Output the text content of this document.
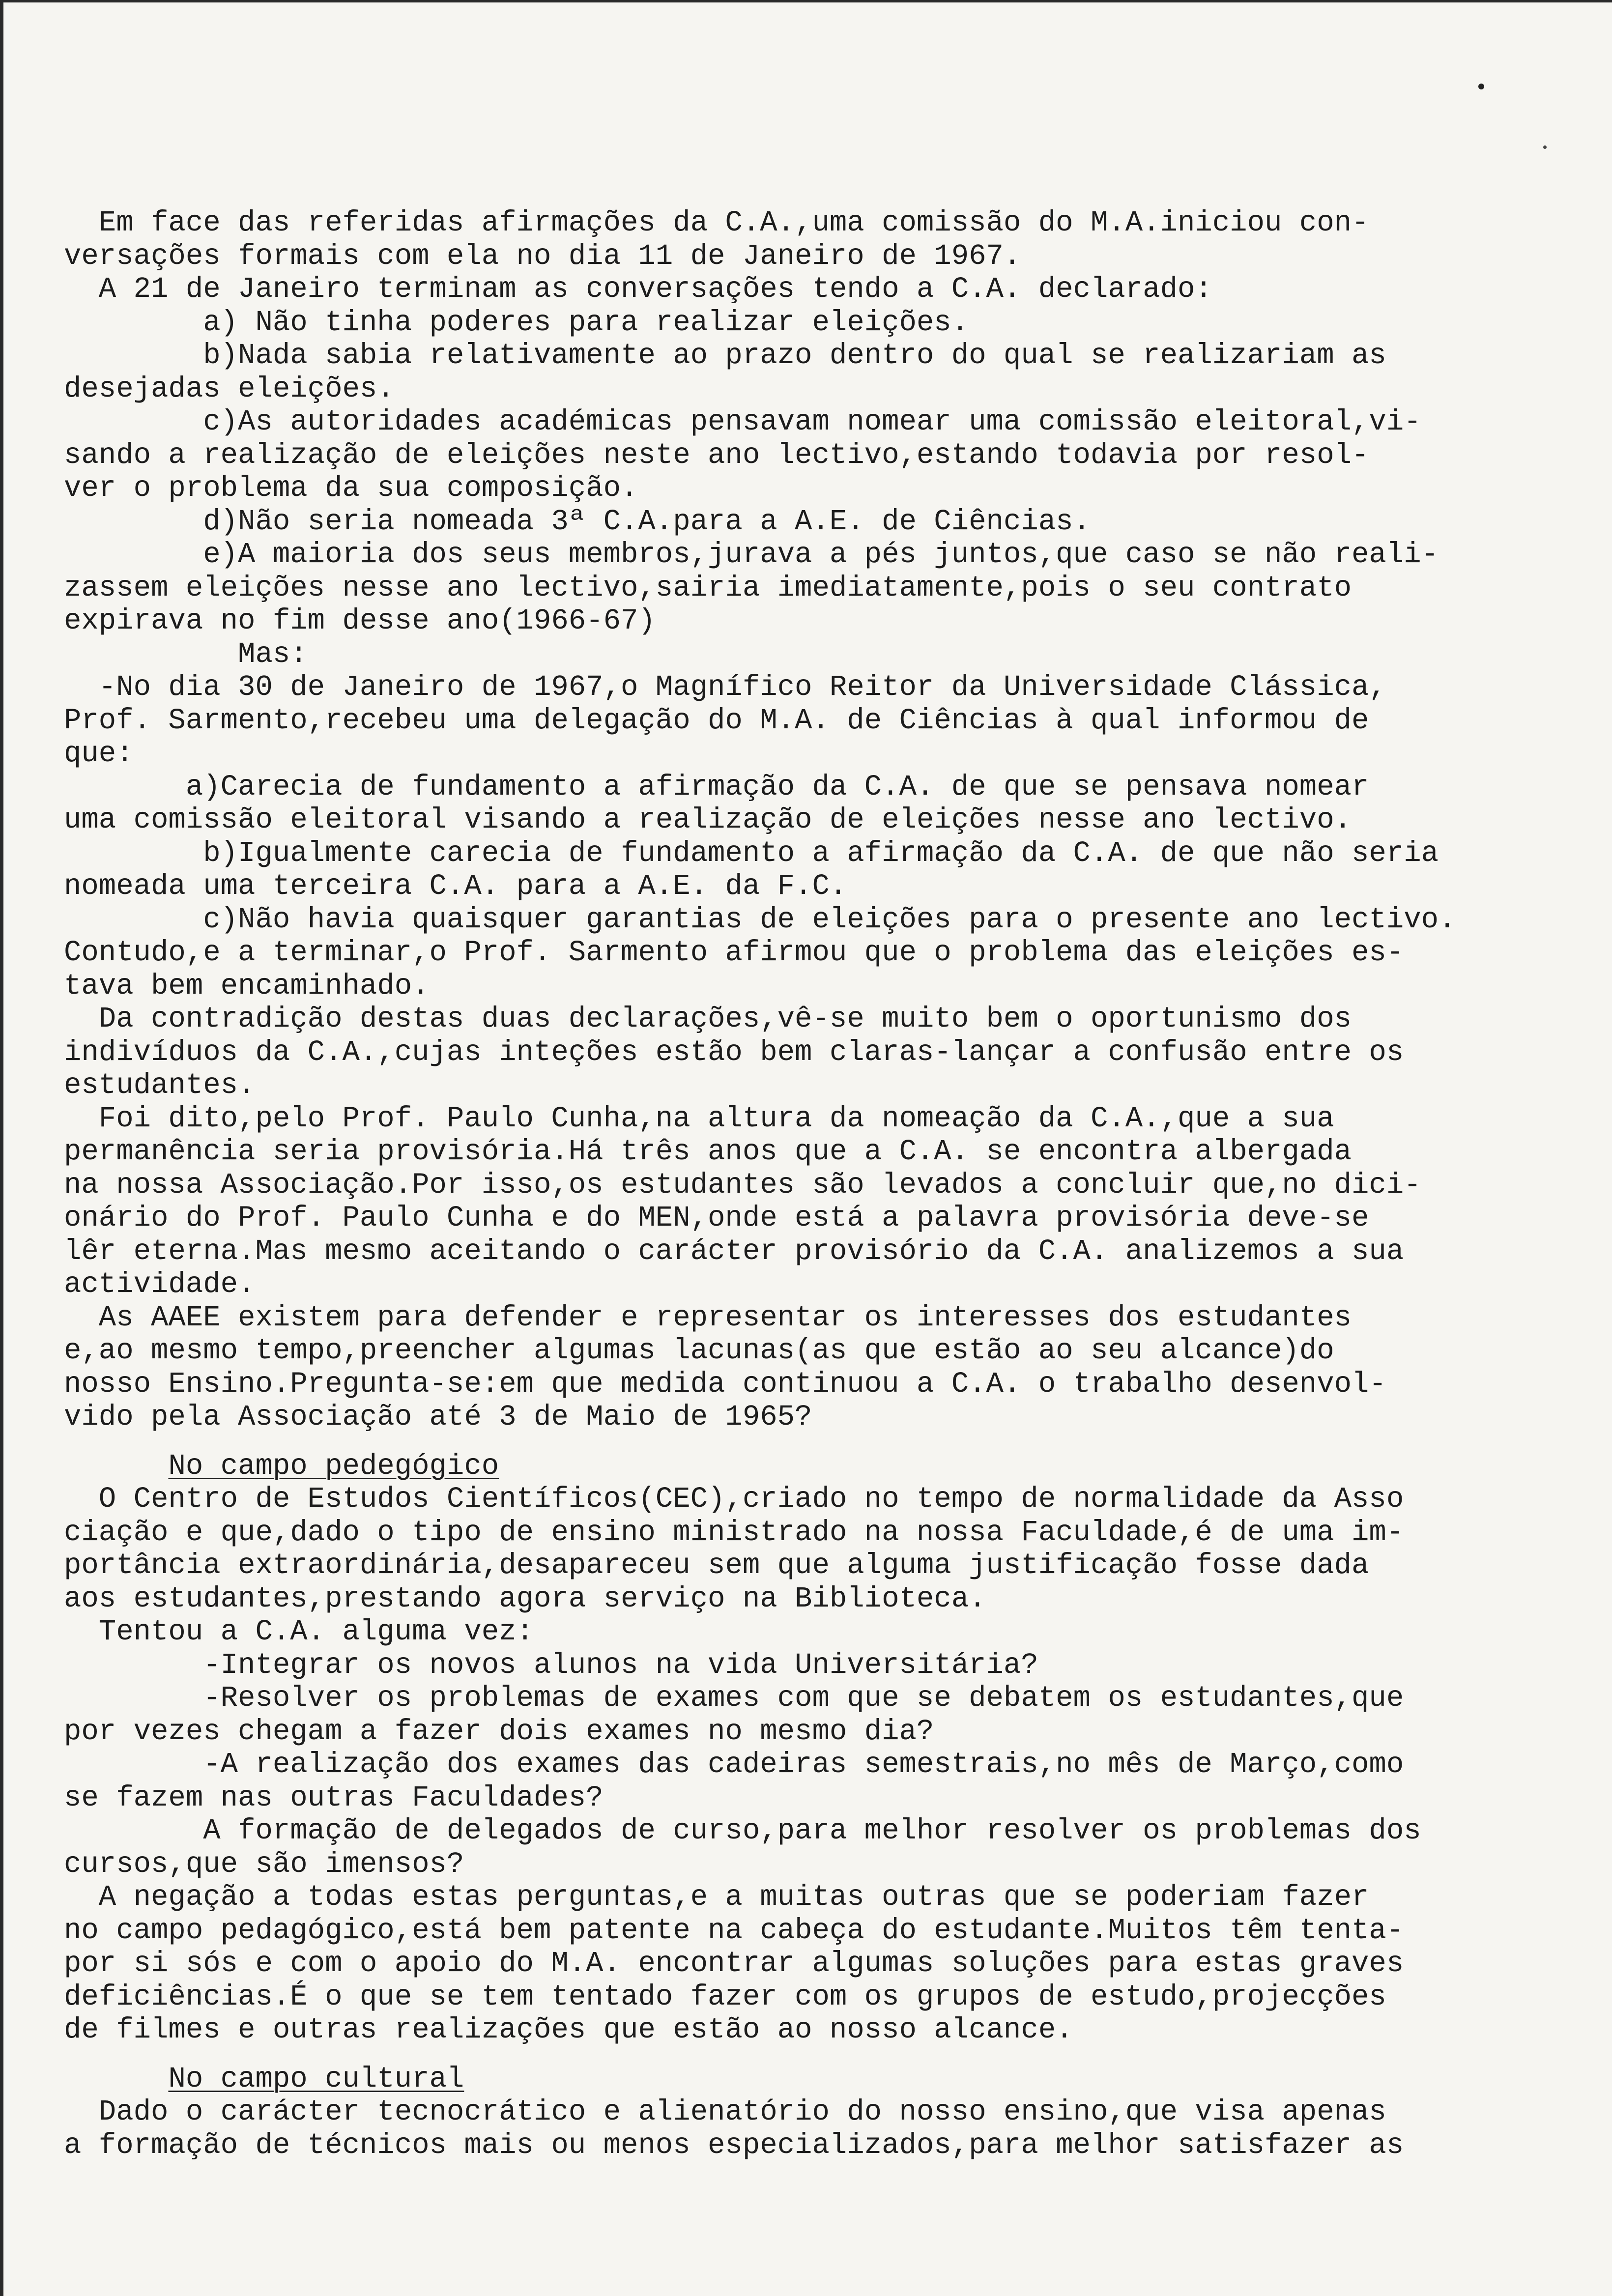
Em face das referidas afirmações da C.A.,uma comissão do M.A.iniciou con-
versações formais com ela no dia 11 de Janeiro de 1967.
A 21 de Janeiro terminam as conversações tendo a C.A. declarado:
a) Não tinha poderes para realizar eleições.
b)Nada sabia relativamente ao prazo dentro do qual se realizariam as
desejadas eleições.
c)As autoridades académicas pensavam nomear uma comissão eleitoral,vi-
sando a realização de eleições neste ano lectivo,estando todavia por resol-
ver o problema da sua composição.
d)Não seria nomeada 3ª C.A.para a A.E. de Ciências.
e)A maioria dos seus membros,jurava a pés juntos,que caso se não reali-
zassem eleições nesse ano lectivo,sairia imediatamente,pois o seu contrato
expirava no fim desse ano(1966-67)
Mas:
-No dia 30 de Janeiro de 1967,o Magnífico Reitor da Universidade Clássica,
Prof. Sarmento,recebeu uma delegação do M.A. de Ciências à qual informou de
que:
a)Carecia de fundamento a afirmação da C.A. de que se pensava nomear
uma comissão eleitoral visando a realização de eleições nesse ano lectivo.
b)Igualmente carecia de fundamento a afirmação da C.A. de que não seria
nomeada uma terceira C.A. para a A.E. da F.C.
c)Não havia quaisquer garantias de eleições para o presente ano lectivo.
Contudo,e a terminar,o Prof. Sarmento afirmou que o problema das eleições es-
tava bem encaminhado.
Da contradição destas duas declarações,vê-se muito bem o oportunismo dos
indivíduos da C.A.,cujas inteções estão bem claras-lançar a confusão entre os
estudantes.
Foi dito,pelo Prof. Paulo Cunha,na altura da nomeação da C.A.,que a sua
permanência seria provisória.Há três anos que a C.A. se encontra albergada
na nossa Associação.Por isso,os estudantes são levados a concluir que,no dici-
onário do Prof. Paulo Cunha e do MEN,onde está a palavra provisória deve-se
lêr eterna.Mas mesmo aceitando o carácter provisório da C.A. analizemos a sua
actividade.
As AAEE existem para defender e representar os interesses dos estudantes
e,ao mesmo tempo,preencher algumas lacunas(as que estão ao seu alcance)do
nosso Ensino.Pregunta-se:em que medida continuou a C.A. o trabalho desenvol-
vido pela Associação até 3 de Maio de 1965?
No campo pedegógico
O Centro de Estudos Científicos(CEC),criado no tempo de normalidade da Asso
ciação e que,dado o tipo de ensino ministrado na nossa Faculdade,é de uma im-
portância extraordinária,desapareceu sem que alguma justificação fosse dada
aos estudantes,prestando agora serviço na Biblioteca.
Tentou a C.A. alguma vez:
-Integrar os novos alunos na vida Universitária?
-Resolver os problemas de exames com que se debatem os estudantes,que
por vezes chegam a fazer dois exames no mesmo dia?
-A realização dos exames das cadeiras semestrais,no mês de Março,como
se fazem nas outras Faculdades?
A formação de delegados de curso,para melhor resolver os problemas dos
cursos,que são imensos?
A negação a todas estas perguntas,e a muitas outras que se poderiam fazer
no campo pedagógico,está bem patente na cabeça do estudante.Muitos têm tenta-
por si sós e com o apoio do M.A. encontrar algumas soluções para estas graves
deficiências.É o que se tem tentado fazer com os grupos de estudo,projecções
de filmes e outras realizações que estão ao nosso alcance.
No campo cultural
Dado o carácter tecnocrático e alienatório do nosso ensino,que visa apenas
a formação de técnicos mais ou menos especializados,para melhor satisfazer as
